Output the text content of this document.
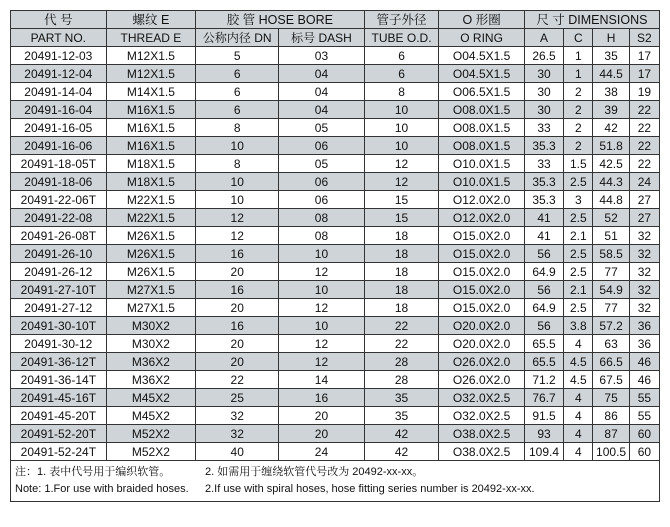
代 号	螺纹 E	胶 管 HOSE BORE		管子外径	O 形圈	尺 寸 DIMENSIONS			
PART NO.	THREAD E	公称内径 DN	标号 DASH	TUBE O.D.	O RING	A	C	H	S2
20491-12-03	M12X1.5	5	03	6	O04.5X1.5	26.5	1	35	17
20491-12-04	M12X1.5	6	04	6	O04.5X1.5	30	1	44.5	17
20491-14-04	M14X1.5	6	04	8	O06.5X1.5	30	2	38	19
20491-16-04	M16X1.5	6	04	10	O08.0X1.5	30	2	39	22
20491-16-05	M16X1.5	8	05	10	O08.0X1.5	33	2	42	22
20491-16-06	M16X1.5	10	06	10	O08.0X1.5	35.3	2	51.8	22
20491-18-05T	M18X1.5	8	05	12	O10.0X1.5	33	1.5	42.5	22
20491-18-06	M18X1.5	10	06	12	O10.0X1.5	35.3	2.5	44.3	24
20491-22-06T	M22X1.5	10	06	15	O12.0X2.0	35.3	3	44.8	27
20491-22-08	M22X1.5	12	08	15	O12.0X2.0	41	2.5	52	27
20491-26-08T	M26X1.5	12	08	18	O15.0X2.0	41	2.1	51	32
20491-26-10	M26X1.5	16	10	18	O15.0X2.0	56	2.5	58.5	32
20491-26-12	M26X1.5	20	12	18	O15.0X2.0	64.9	2.5	77	32
20491-27-10T	M27X1.5	16	10	18	O15.0X2.0	56	2.1	54.9	32
20491-27-12	M27X1.5	20	12	18	O15.0X2.0	64.9	2.5	77	32
20491-30-10T	M30X2	16	10	22	O20.0X2.0	56	3.8	57.2	36
20491-30-12	M30X2	20	12	22	O20.0X2.0	65.5	4	63	36
20491-36-12T	M36X2	20	12	28	O26.0X2.0	65.5	4.5	66.5	46
20491-36-14T	M36X2	22	14	28	O26.0X2.0	71.2	4.5	67.5	46
20491-45-16T	M45X2	25	16	35	O32.0X2.5	76.7	4	75	55
20491-45-20T	M45X2	32	20	35	O32.0X2.5	91.5	4	86	55
20491-52-20T	M52X2	32	20	42	O38.0X2.5	93	4	87	60
20491-52-24T	M52X2	40	24	42	O38.0X2.5	109.4	4	100.5	60
注：1. 表中代号用于编织软管。	2. 如需用于缠绕软管代号改为 20492-xx-xx。
Note: 1.For use with braided hoses.	2.If use with spiral hoses, hose fitting series number is 20492-xx-xx.
